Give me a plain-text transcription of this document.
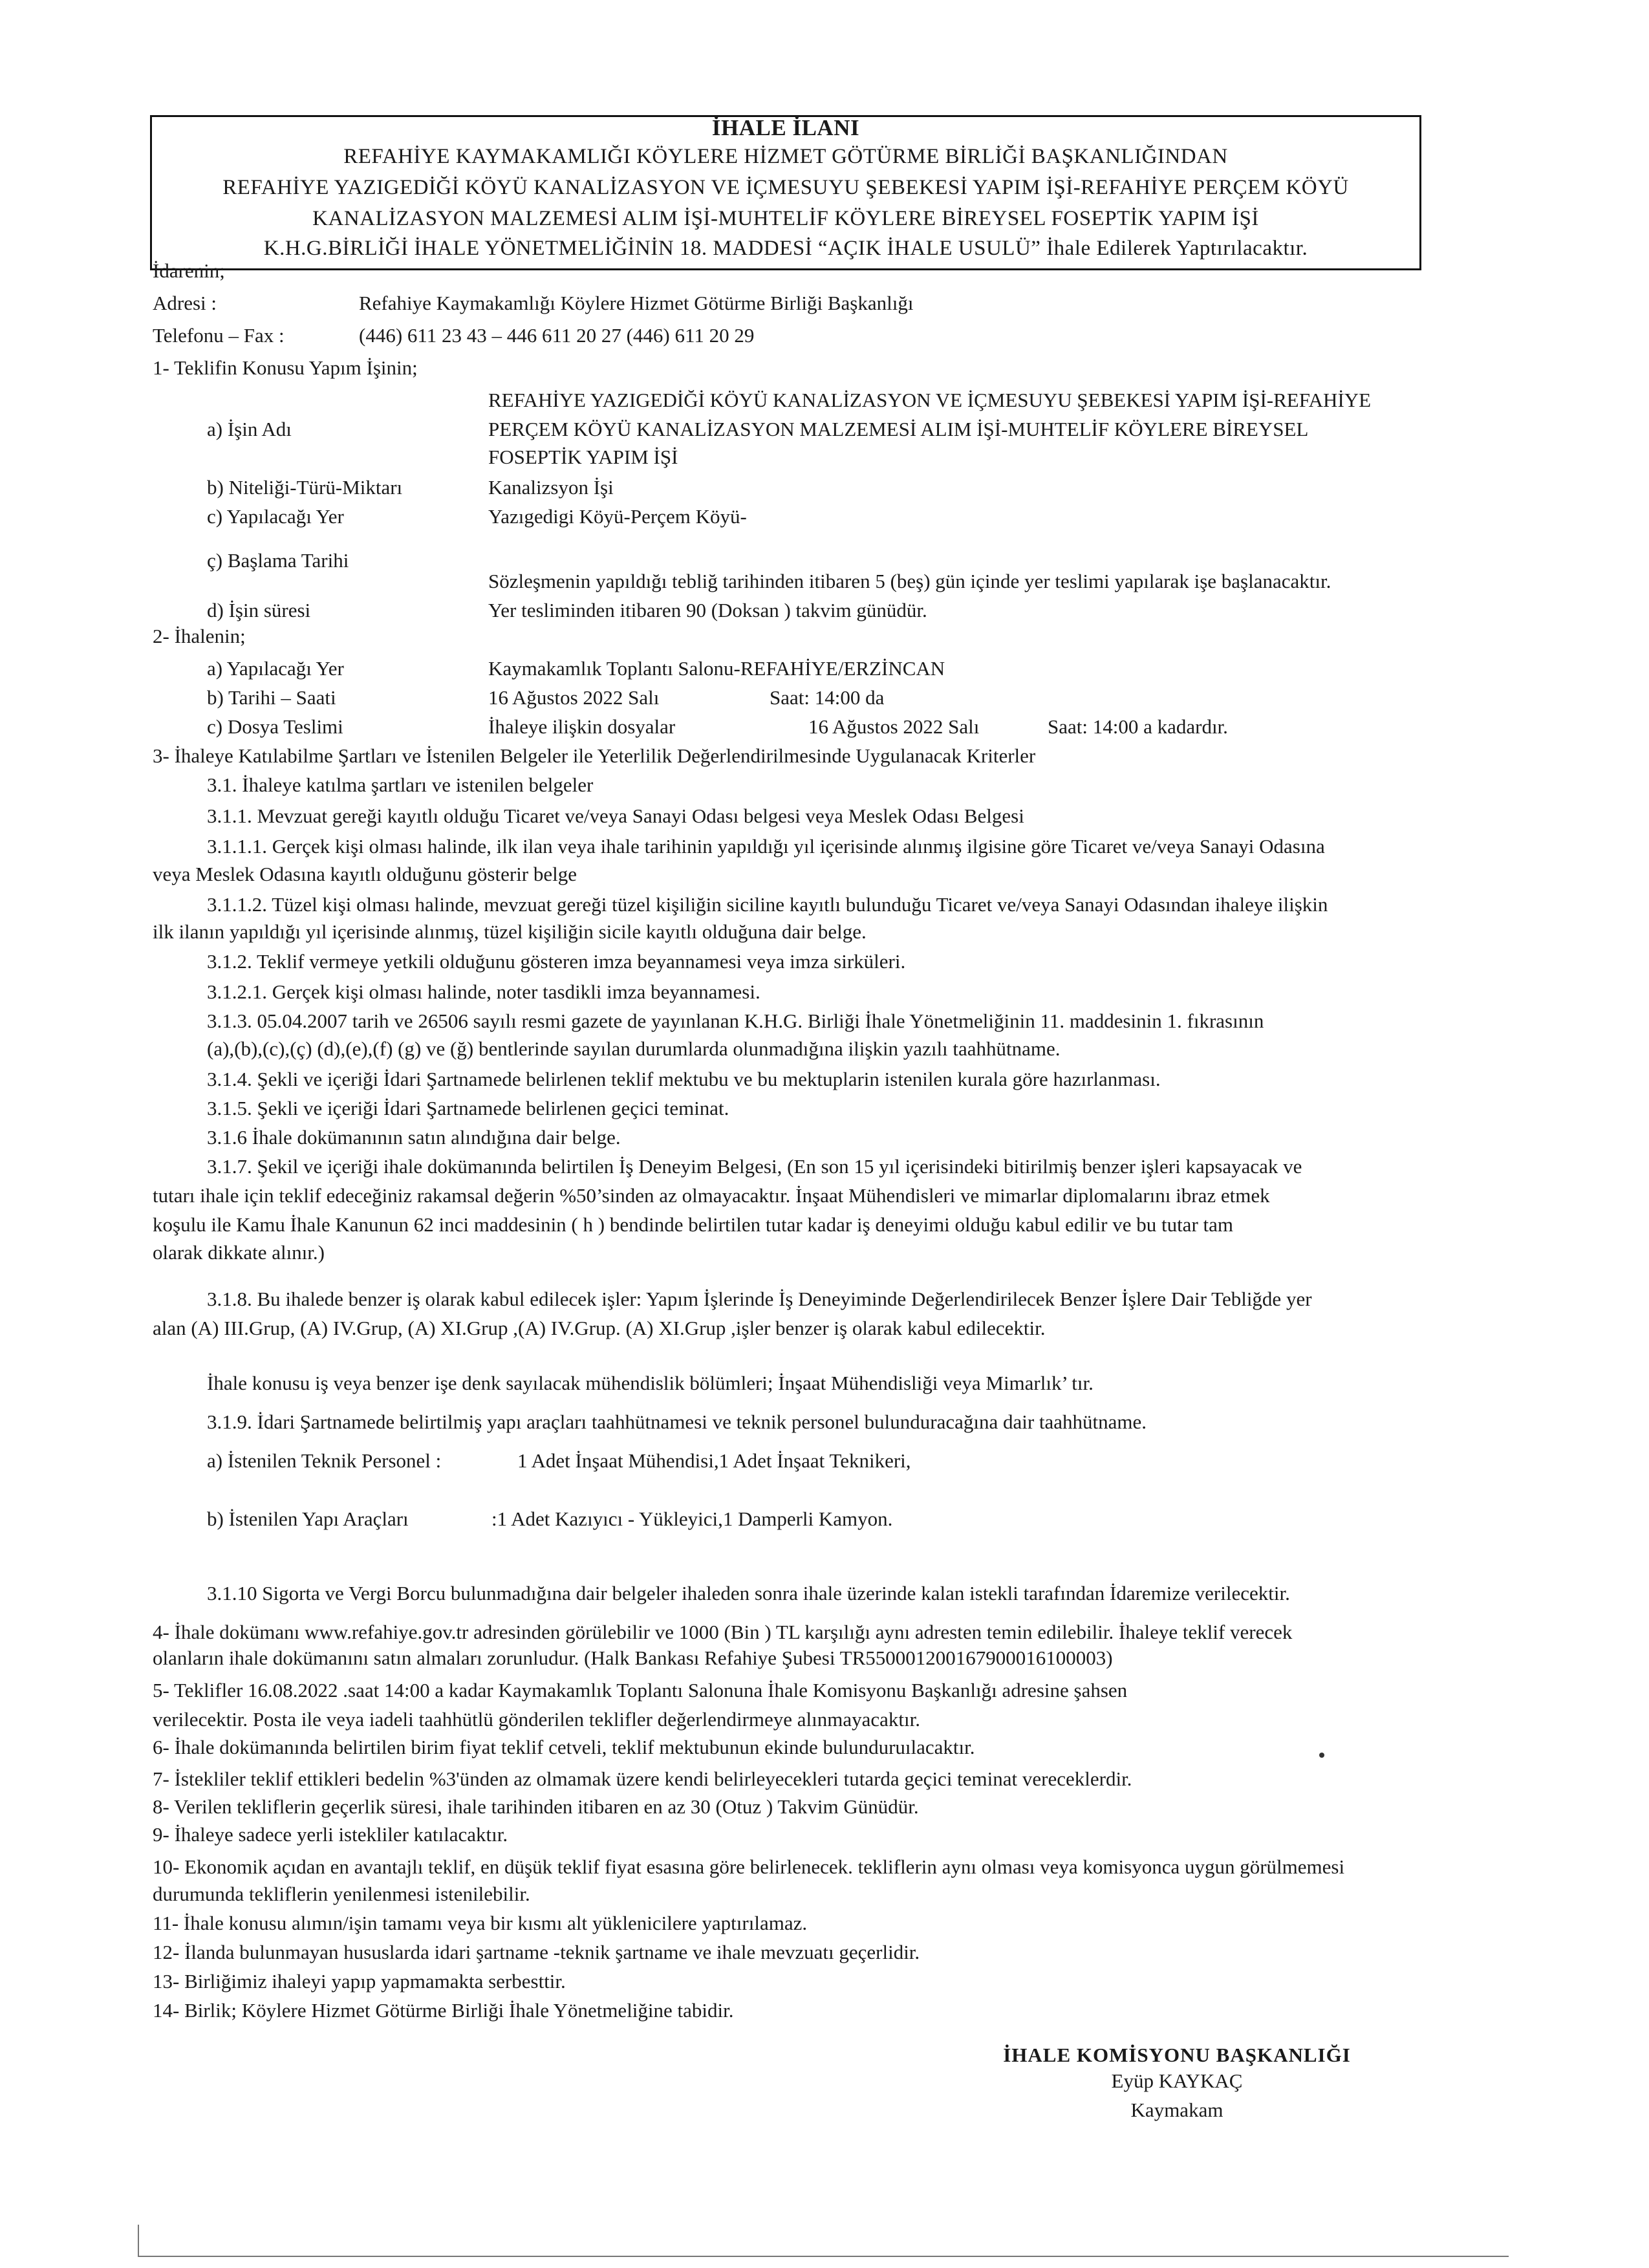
İHALE İLANI
REFAHİYE KAYMAKAMLIĞI KÖYLERE HİZMET GÖTÜRME BİRLİĞİ BAŞKANLIĞINDAN
REFAHİYE YAZIGEDİĞİ KÖYÜ KANALİZASYON VE İÇMESUYU ŞEBEKESİ YAPIM İŞİ-REFAHİYE PERÇEM KÖYÜ
KANALİZASYON MALZEMESİ ALIM İŞİ-MUHTELİF KÖYLERE BİREYSEL FOSEPTİK YAPIM İŞİ
K.H.G.BİRLİĞİ İHALE YÖNETMELİĞİNİN 18. MADDESİ “AÇIK İHALE USULÜ” İhale Edilerek Yaptırılacaktır.
İdarenin;
Adresi :	Refahiye Kaymakamlığı Köylere Hizmet Götürme Birliği Başkanlığı
Telefonu – Fax :	(446) 611 23 43 – 446 611 20 27 (446) 611 20 29
1- Teklifin Konusu Yapım İşinin;
REFAHİYE YAZIGEDİĞİ KÖYÜ KANALİZASYON VE İÇMESUYU ŞEBEKESİ YAPIM İŞİ-REFAHİYE
a) İşin Adı	PERÇEM KÖYÜ KANALİZASYON MALZEMESİ ALIM İŞİ-MUHTELİF KÖYLERE BİREYSEL
FOSEPTİK YAPIM İŞİ
b) Niteliği-Türü-Miktarı	Kanalizsyon İşi
c) Yapılacağı Yer	Yazıgedigi Köyü-Perçem Köyü-
ç) Başlama Tarihi
Sözleşmenin yapıldığı tebliğ tarihinden itibaren 5 (beş) gün içinde yer teslimi yapılarak işe başlanacaktır.
d) İşin süresi	Yer tesliminden itibaren 90 (Doksan ) takvim günüdür.
2- İhalenin;
a) Yapılacağı Yer	Kaymakamlık Toplantı Salonu-REFAHİYE/ERZİNCAN
b) Tarihi – Saati	16 Ağustos 2022 Salı	Saat: 14:00 da
c) Dosya Teslimi	İhaleye ilişkin dosyalar	16 Ağustos 2022 Salı	Saat: 14:00 a kadardır.
3- İhaleye Katılabilme Şartları ve İstenilen Belgeler ile Yeterlilik Değerlendirilmesinde Uygulanacak Kriterler
3.1. İhaleye katılma şartları ve istenilen belgeler
3.1.1. Mevzuat gereği kayıtlı olduğu Ticaret ve/veya Sanayi Odası belgesi veya Meslek Odası Belgesi
3.1.1.1. Gerçek kişi olması halinde, ilk ilan veya ihale tarihinin yapıldığı yıl içerisinde alınmış ilgisine göre Ticaret ve/veya Sanayi Odasına
veya Meslek Odasına kayıtlı olduğunu gösterir belge
3.1.1.2. Tüzel kişi olması halinde, mevzuat gereği tüzel kişiliğin siciline kayıtlı bulunduğu Ticaret ve/veya Sanayi Odasından ihaleye ilişkin
ilk ilanın yapıldığı yıl içerisinde alınmış, tüzel kişiliğin sicile kayıtlı olduğuna dair belge.
3.1.2. Teklif vermeye yetkili olduğunu gösteren imza beyannamesi veya imza sirküleri.
3.1.2.1. Gerçek kişi olması halinde, noter tasdikli imza beyannamesi.
3.1.3. 05.04.2007 tarih ve 26506 sayılı resmi gazete de yayınlanan K.H.G. Birliği İhale Yönetmeliğinin 11. maddesinin 1. fıkrasının
(a),(b),(c),(ç) (d),(e),(f) (g) ve (ğ) bentlerinde sayılan durumlarda olunmadığına ilişkin yazılı taahhütname.
3.1.4. Şekli ve içeriği İdari Şartnamede belirlenen teklif mektubu ve bu mektuplarin istenilen kurala göre hazırlanması.
3.1.5. Şekli ve içeriği İdari Şartnamede belirlenen geçici teminat.
3.1.6 İhale dokümanının satın alındığına dair belge.
3.1.7. Şekil ve içeriği ihale dokümanında belirtilen İş Deneyim Belgesi, (En son 15 yıl içerisindeki bitirilmiş benzer işleri kapsayacak ve
tutarı ihale için teklif edeceğiniz rakamsal değerin %50’sinden az olmayacaktır. İnşaat Mühendisleri ve mimarlar diplomalarını ibraz etmek
koşulu ile Kamu İhale Kanunun 62 inci maddesinin ( h ) bendinde belirtilen tutar kadar iş deneyimi olduğu kabul edilir ve bu tutar tam
olarak dikkate alınır.)
3.1.8. Bu ihalede benzer iş olarak kabul edilecek işler: Yapım İşlerinde İş Deneyiminde Değerlendirilecek Benzer İşlere Dair Tebliğde yer
alan (A) III.Grup, (A) IV.Grup, (A) XI.Grup ,(A) IV.Grup. (A) XI.Grup ,işler benzer iş olarak kabul edilecektir.
İhale konusu iş veya benzer işe denk sayılacak mühendislik bölümleri; İnşaat Mühendisliği veya Mimarlık’ tır.
3.1.9. İdari Şartnamede belirtilmiş yapı araçları taahhütnamesi ve teknik personel bulunduracağına dair taahhütname.
a) İstenilen Teknik Personel :	1 Adet İnşaat Mühendisi,1 Adet İnşaat Teknikeri,
b) İstenilen Yapı Araçları	:1 Adet Kazıyıcı - Yükleyici,1 Damperli Kamyon.
3.1.10 Sigorta ve Vergi Borcu bulunmadığına dair belgeler ihaleden sonra ihale üzerinde kalan istekli tarafından İdaremize verilecektir.
4- İhale dokümanı www.refahiye.gov.tr adresinden görülebilir ve 1000 (Bin ) TL karşılığı aynı adresten temin edilebilir. İhaleye teklif verecek
olanların ihale dokümanını satın almaları zorunludur. (Halk Bankası Refahiye Şubesi TR550001200167900016100003)
5- Teklifler 16.08.2022 .saat 14:00 a kadar Kaymakamlık Toplantı Salonuna İhale Komisyonu Başkanlığı adresine şahsen
verilecektir. Posta ile veya iadeli taahhütlü gönderilen teklifler değerlendirmeye alınmayacaktır.
6- İhale dokümanında belirtilen birim fiyat teklif cetveli, teklif mektubunun ekinde bulunduruılacaktır.
7- İstekliler teklif ettikleri bedelin %3'ünden az olmamak üzere kendi belirleyecekleri tutarda geçici teminat vereceklerdir.
8- Verilen tekliflerin geçerlik süresi, ihale tarihinden itibaren en az 30 (Otuz ) Takvim Günüdür.
9- İhaleye sadece yerli istekliler katılacaktır.
10- Ekonomik açıdan en avantajlı teklif, en düşük teklif fiyat esasına göre belirlenecek. tekliflerin aynı olması veya komisyonca uygun görülmemesi
durumunda tekliflerin yenilenmesi istenilebilir.
11- İhale konusu alımın/işin tamamı veya bir kısmı alt yüklenicilere yaptırılamaz.
12- İlanda bulunmayan hususlarda idari şartname -teknik şartname ve ihale mevzuatı geçerlidir.
13- Birliğimiz ihaleyi yapıp yapmamakta serbesttir.
14- Birlik; Köylere Hizmet Götürme Birliği İhale Yönetmeliğine tabidir.
İHALE KOMİSYONU BAŞKANLIĞI
Eyüp KAYKAÇ
Kaymakam
